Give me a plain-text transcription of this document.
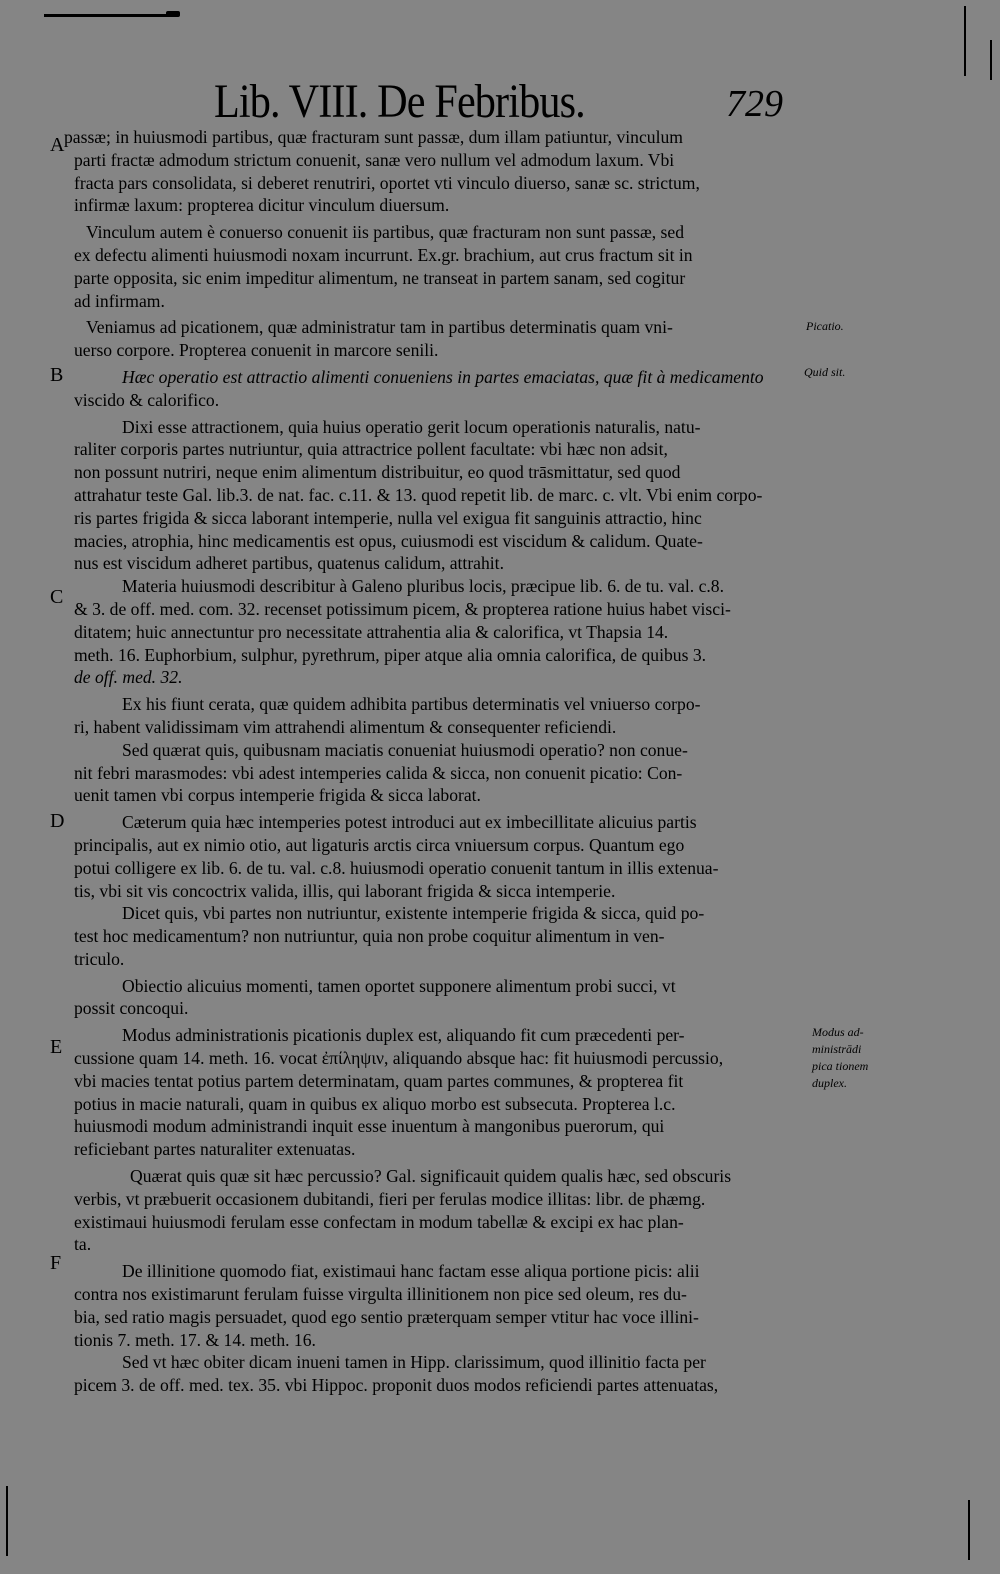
Lib. VIII. De Febribus.	729
A
B
C
D
E
F
Picatio.
Quid sit.
Modus ad-
ministrādi
pica tionem
duplex.
passæ; in huiusmodi partibus, quæ fracturam sunt passæ, dum illam patiuntur, vinculum
parti fractæ admodum strictum conuenit, sanæ vero nullum vel admodum laxum. Vbi
fracta pars consolidata, si deberet renutriri, oportet vti vinculo diuerso, sanæ sc. strictum,
infirmæ laxum: propterea dicitur vinculum diuersum.
Vinculum autem è conuerso conuenit iis partibus, quæ fracturam non sunt passæ, sed
ex defectu alimenti huiusmodi noxam incurrunt. Ex.gr. brachium, aut crus fractum sit in
parte opposita, sic enim impeditur alimentum, ne transeat in partem sanam, sed cogitur
ad infirmam.
Veniamus ad picationem, quæ administratur tam in partibus determinatis quam vni-
uerso corpore. Propterea conuenit in marcore senili.
Hæc operatio est attractio alimenti conueniens in partes emaciatas, quæ fit à medicamento
viscido & calorifico.
Dixi esse attractionem, quia huius operatio gerit locum operationis naturalis, natu-
raliter corporis partes nutriuntur, quia attractrice pollent facultate: vbi hæc non adsit,
non possunt nutriri, neque enim alimentum distribuitur, eo quod trāsmittatur, sed quod
attrahatur teste Gal. lib.3. de nat. fac. c.11. & 13. quod repetit lib. de marc. c. vlt. Vbi enim corpo-
ris partes frigida & sicca laborant intemperie, nulla vel exigua fit sanguinis attractio, hinc
macies, atrophia, hinc medicamentis est opus, cuiusmodi est viscidum & calidum. Quate-
nus est viscidum adheret partibus, quatenus calidum, attrahit.
Materia huiusmodi describitur à Galeno pluribus locis, præcipue lib. 6. de tu. val. c.8.
& 3. de off. med. com. 32. recenset potissimum picem, & propterea ratione huius habet visci-
ditatem; huic annectuntur pro necessitate attrahentia alia & calorifica, vt Thapsia 14.
meth. 16. Euphorbium, sulphur, pyrethrum, piper atque alia omnia calorifica, de quibus 3.
de off. med. 32.
Ex his fiunt cerata, quæ quidem adhibita partibus determinatis vel vniuerso corpo-
ri, habent validissimam vim attrahendi alimentum & consequenter reficiendi.
Sed quærat quis, quibusnam maciatis conueniat huiusmodi operatio? non conue-
nit febri marasmodes: vbi adest intemperies calida & sicca, non conuenit picatio: Con-
uenit tamen vbi corpus intemperie frigida & sicca laborat.
Cæterum quia hæc intemperies potest introduci aut ex imbecillitate alicuius partis
principalis, aut ex nimio otio, aut ligaturis arctis circa vniuersum corpus. Quantum ego
potui colligere ex lib. 6. de tu. val. c.8. huiusmodi operatio conuenit tantum in illis extenua-
tis, vbi sit vis concoctrix valida, illis, qui laborant frigida & sicca intemperie.
Dicet quis, vbi partes non nutriuntur, existente intemperie frigida & sicca, quid po-
test hoc medicamentum? non nutriuntur, quia non probe coquitur alimentum in ven-
triculo.
Obiectio alicuius momenti, tamen oportet supponere alimentum probi succi, vt
possit concoqui.
Modus administrationis picationis duplex est, aliquando fit cum præcedenti per-
cussione quam 14. meth. 16. vocat ἐπίληψιν, aliquando absque hac: fit huiusmodi percussio,
vbi macies tentat potius partem determinatam, quam partes communes, & propterea fit
potius in macie naturali, quam in quibus ex aliquo morbo est subsecuta. Propterea l.c.
huiusmodi modum administrandi inquit esse inuentum à mangonibus puerorum, qui
reficiebant partes naturaliter extenuatas.
Quærat quis quæ sit hæc percussio? Gal. significauit quidem qualis hæc, sed obscuris
verbis, vt præbuerit occasionem dubitandi, fieri per ferulas modice illitas: libr. de phæmg.
existimaui huiusmodi ferulam esse confectam in modum tabellæ & excipi ex hac plan-
ta.
De illinitione quomodo fiat, existimaui hanc factam esse aliqua portione picis: alii
contra nos existimarunt ferulam fuisse virgulta illinitionem non pice sed oleum, res du-
bia, sed ratio magis persuadet, quod ego sentio præterquam semper vtitur hac voce illini-
tionis 7. meth. 17. & 14. meth. 16.
Sed vt hæc obiter dicam inueni tamen in Hipp. clarissimum, quod illinitio facta per
picem 3. de off. med. tex. 35. vbi Hippoc. proponit duos modos reficiendi partes attenuatas,
